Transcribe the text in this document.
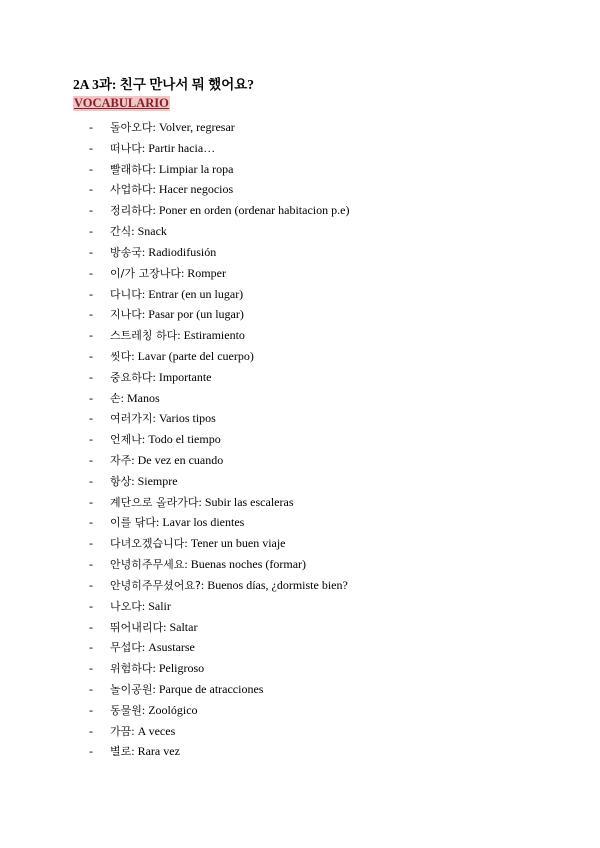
2A 3과: 친구 만나서 뭐 했어요?
VOCABULARIO
- 돌아오다: Volver, regresar
- 떠나다: Partir hacia…
- 빨래하다: Limpiar la ropa
- 사업하다: Hacer negocios
- 정리하다: Poner en orden (ordenar habitacion p.e)
- 간식: Snack
- 방송국: Radiodifusión
- 이/가 고장나다: Romper
- 다니다: Entrar (en un lugar)
- 지나다: Pasar por (un lugar)
- 스트레칭 하다: Estiramiento
- 씻다: Lavar (parte del cuerpo)
- 중요하다: Importante
- 손: Manos
- 여러가지: Varios tipos
- 언제나: Todo el tiempo
- 자주: De vez en cuando
- 항상: Siempre
- 계단으로 올라가다: Subir las escaleras
- 이를 닦다: Lavar los dientes
- 다녀오겠습니다: Tener un buen viaje
- 안녕히주무세요: Buenas noches (formar)
- 안녕히주무셨어요?: Buenos días, ¿dormiste bien?
- 나오다: Salir
- 뛰어내리다: Saltar
- 무섭다: Asustarse
- 위험하다: Peligroso
- 놀이공원: Parque de atracciones
- 동물원: Zoológico
- 가끔: A veces
- 별로: Rara vez
